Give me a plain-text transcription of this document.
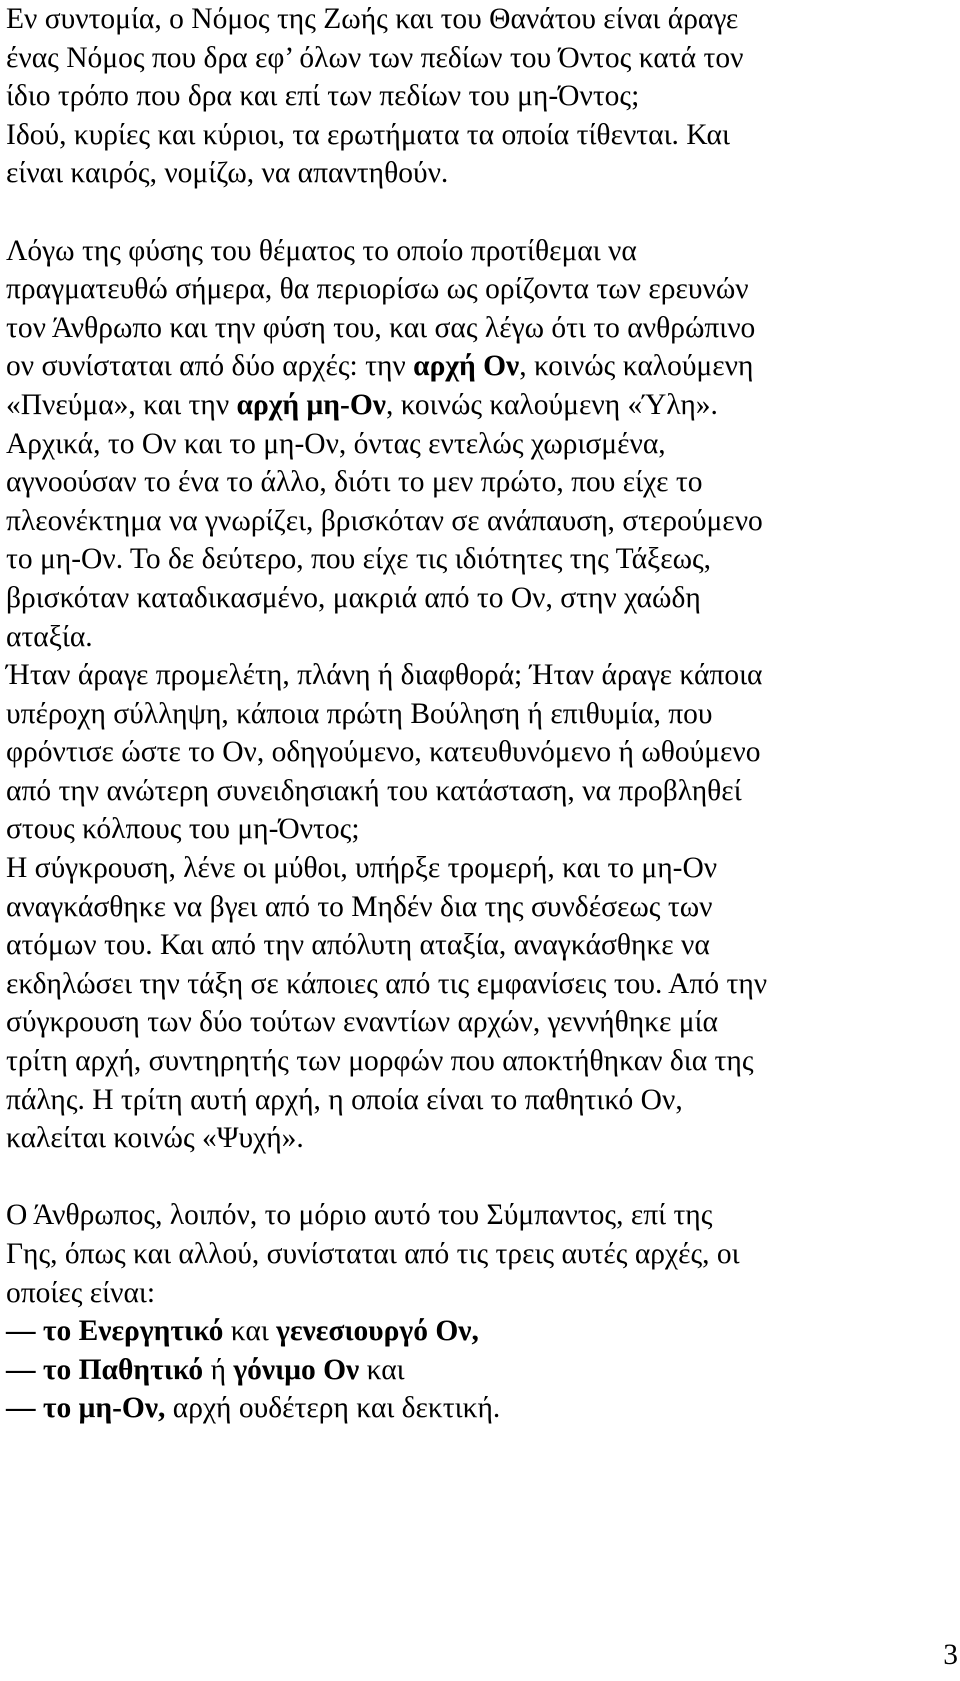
Εν συντομία, ο Νόμος της Ζωής και του Θανάτου είναι άραγε
ένας Νόμος που δρα εφ’ όλων των πεδίων του Όντος κατά τον
ίδιο τρόπο που δρα και επί των πεδίων του μη-Όντος;
Ιδού, κυρίες και κύριοι, τα ερωτήματα τα οποία τίθενται. Και
είναι καιρός, νομίζω, να απαντηθούν.
Λόγω της φύσης του θέματος το οποίο προτίθεμαι να
πραγματευθώ σήμερα, θα περιορίσω ως ορίζοντα των ερευνών
τον Άνθρωπο και την φύση του, και σας λέγω ότι το ανθρώπινο
ον συνίσταται από δύο αρχές: την αρχή Ον, κοινώς καλούμενη
«Πνεύμα», και την αρχή μη-Ον, κοινώς καλούμενη «Ύλη».
Αρχικά, το Ον και το μη-Ον, όντας εντελώς χωρισμένα,
αγνοούσαν το ένα το άλλο, διότι το μεν πρώτο, που είχε το
πλεονέκτημα να γνωρίζει, βρισκόταν σε ανάπαυση, στερούμενο
το μη-Ον. Το δε δεύτερο, που είχε τις ιδιότητες της Τάξεως,
βρισκόταν καταδικασμένο, μακριά από το Ον, στην χαώδη
αταξία.
Ήταν άραγε προμελέτη, πλάνη ή διαφθορά; Ήταν άραγε κάποια
υπέροχη σύλληψη, κάποια πρώτη Βούληση ή επιθυμία, που
φρόντισε ώστε το Ον, οδηγούμενο, κατευθυνόμενο ή ωθούμενο
από την ανώτερη συνειδησιακή του κατάσταση, να προβληθεί
στους κόλπους του μη-Όντος;
Η σύγκρουση, λένε οι μύθοι, υπήρξε τρομερή, και το μη-Ον
αναγκάσθηκε να βγει από το Μηδέν δια της συνδέσεως των
ατόμων του. Και από την απόλυτη αταξία, αναγκάσθηκε να
εκδηλώσει την τάξη σε κάποιες από τις εμφανίσεις του. Από την
σύγκρουση των δύο τούτων εναντίων αρχών, γεννήθηκε μία
τρίτη αρχή, συντηρητής των μορφών που αποκτήθηκαν δια της
πάλης. Η τρίτη αυτή αρχή, η οποία είναι το παθητικό Ον,
καλείται κοινώς «Ψυχή».
Ο Άνθρωπος, λοιπόν, το μόριο αυτό του Σύμπαντος, επί της
Γης, όπως και αλλού, συνίσταται από τις τρεις αυτές αρχές, οι
οποίες είναι:
— το Ενεργητικό και γενεσιουργό Ον,
— το Παθητικό ή γόνιμο Ον και
— το μη-Ον, αρχή ουδέτερη και δεκτική.
3
